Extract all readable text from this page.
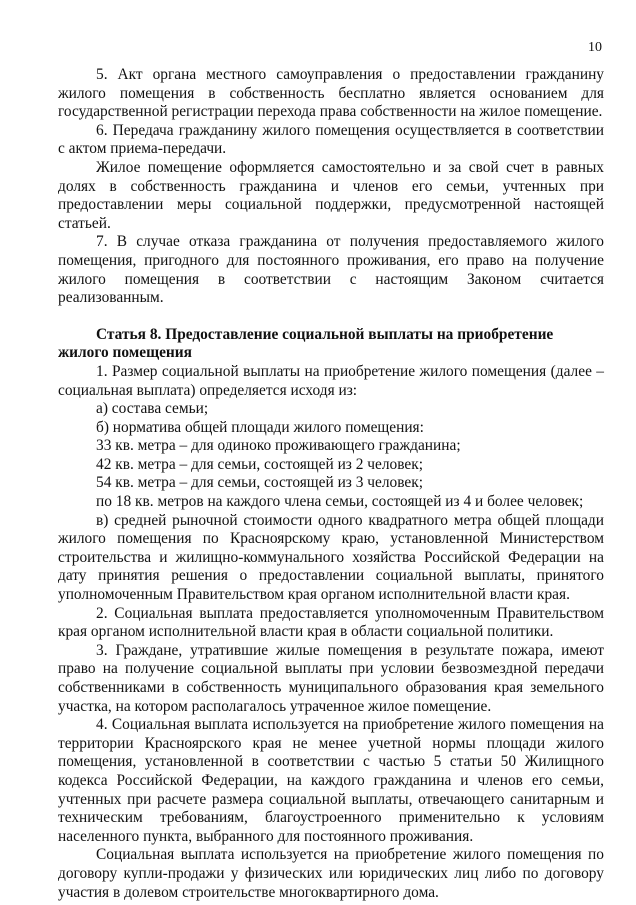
10

5. Акт органа местного самоуправления о предоставлении гражданину жилого помещения в собственность бесплатно является основанием для государственной регистрации перехода права собственности на жилое помещение.

6. Передача гражданину жилого помещения осуществляется в соответствии с актом приема-передачи.

Жилое помещение оформляется самостоятельно и за свой счет в равных долях в собственность гражданина и членов его семьи, учтенных при предоставлении меры социальной поддержки, предусмотренной настоящей статьей.

7. В случае отказа гражданина от получения предоставляемого жилого помещения, пригодного для постоянного проживания, его право на получение жилого помещения в соответствии с настоящим Законом считается реализованным.

Статья 8. Предоставление социальной выплаты на приобретение жилого помещения

1. Размер социальной выплаты на приобретение жилого помещения (далее – социальная выплата) определяется исходя из:

а) состава семьи;

б) норматива общей площади жилого помещения:

33 кв. метра – для одиноко проживающего гражданина;

42 кв. метра – для семьи, состоящей из 2 человек;

54 кв. метра – для семьи, состоящей из 3 человек;

по 18 кв. метров на каждого члена семьи, состоящей из 4 и более человек;

в) средней рыночной стоимости одного квадратного метра общей площади жилого помещения по Красноярскому краю, установленной Министерством строительства и жилищно-коммунального хозяйства Российской Федерации на дату принятия решения о предоставлении социальной выплаты, принятого уполномоченным Правительством края органом исполнительной власти края.

2. Социальная выплата предоставляется уполномоченным Правительством края органом исполнительной власти края в области социальной политики.

3. Граждане, утратившие жилые помещения в результате пожара, имеют право на получение социальной выплаты при условии безвозмездной передачи собственниками в собственность муниципального образования края земельного участка, на котором располагалось утраченное жилое помещение.

4. Социальная выплата используется на приобретение жилого помещения на территории Красноярского края не менее учетной нормы площади жилого помещения, установленной в соответствии с частью 5 статьи 50 Жилищного кодекса Российской Федерации, на каждого гражданина и членов его семьи, учтенных при расчете размера социальной выплаты, отвечающего санитарным и техническим требованиям, благоустроенного применительно к условиям населенного пункта, выбранного для постоянного проживания.

Социальная выплата используется на приобретение жилого помещения по договору купли-продажи у физических или юридических лиц либо по договору участия в долевом строительстве многоквартирного дома.
